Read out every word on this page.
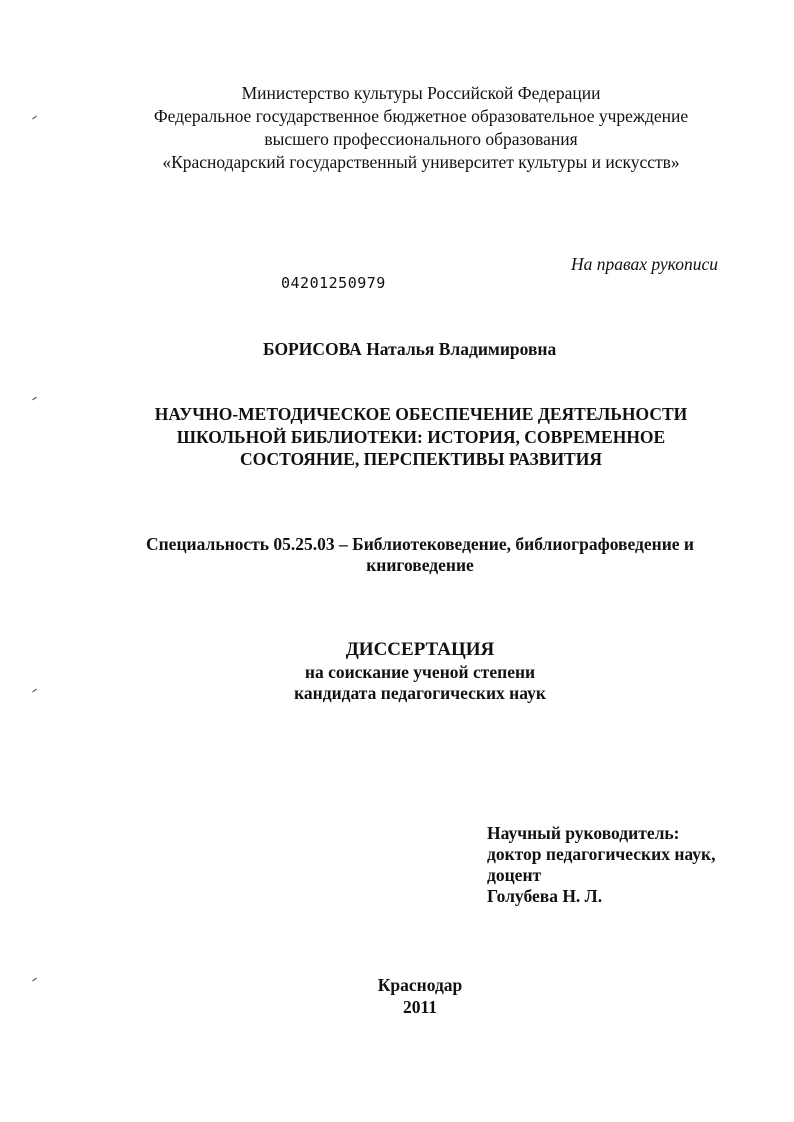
Министерство культуры Российской Федерации
Федеральное государственное бюджетное образовательное учреждение
высшего профессионального образования
«Краснодарский государственный университет культуры и искусств»
На правах рукописи
04201250979
БОРИСОВА Наталья Владимировна
НАУЧНО-МЕТОДИЧЕСКОЕ ОБЕСПЕЧЕНИЕ ДЕЯТЕЛЬНОСТИ
ШКОЛЬНОЙ БИБЛИОТЕКИ: ИСТОРИЯ, СОВРЕМЕННОЕ
СОСТОЯНИЕ, ПЕРСПЕКТИВЫ РАЗВИТИЯ
Специальность 05.25.03 – Библиотековедение, библиографоведение и
книговедение
ДИССЕРТАЦИЯ
на соискание ученой степени
кандидата педагогических наук
Научный руководитель:
доктор педагогических наук,
доцент
Голубева Н. Л.
Краснодар
2011
